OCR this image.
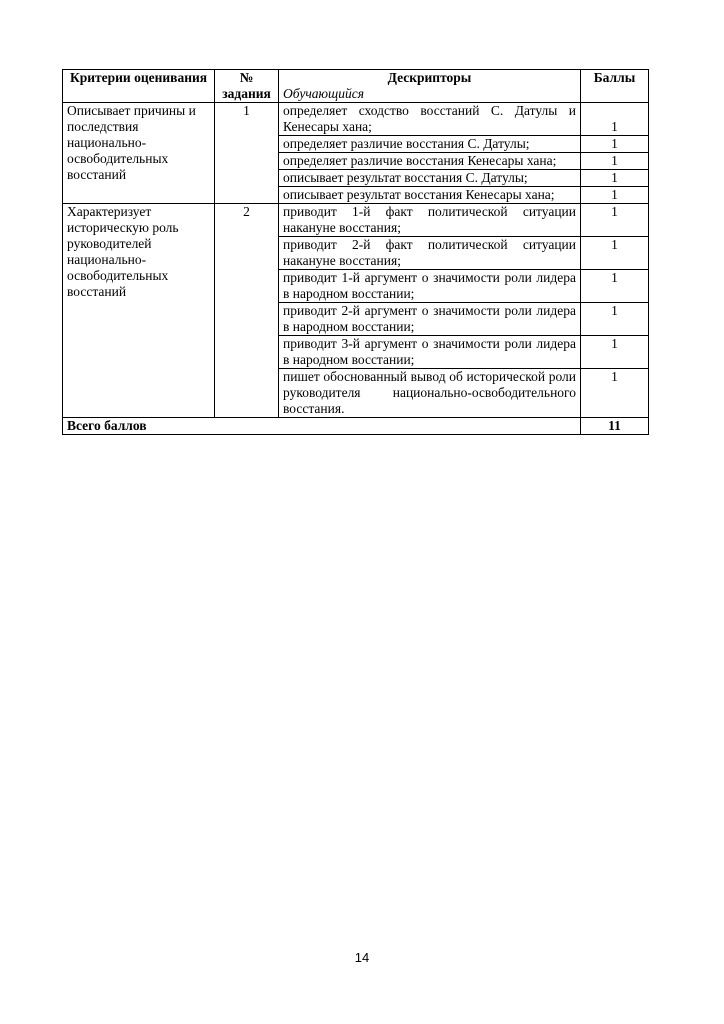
Критерии оценивания	№ задания	Дескрипторы	Баллы
		Обучающийся	
Описывает причины и последствия национально-освободительных восстаний	1	определяет сходство восстаний С. Датулы и Кенесары хана;	1
		определяет различие восстания С. Датулы;	1
		определяет различие восстания Кенесары хана;	1
		описывает результат восстания С. Датулы;	1
		описывает результат восстания Кенесары хана;	1
Характеризует историческую роль руководителей национально-освободительных восстаний	2	приводит 1-й факт политической ситуации накануне восстания;	1
		приводит 2-й факт политической ситуации накануне восстания;	1
		приводит 1-й аргумент о значимости роли лидера в народном восстании;	1
		приводит 2-й аргумент о значимости роли лидера в народном восстании;	1
		приводит 3-й аргумент о значимости роли лидера в народном восстании;	1
		пишет обоснованный вывод об исторической роли руководителя национально-освободительного восстания.	1
Всего баллов			11
14
